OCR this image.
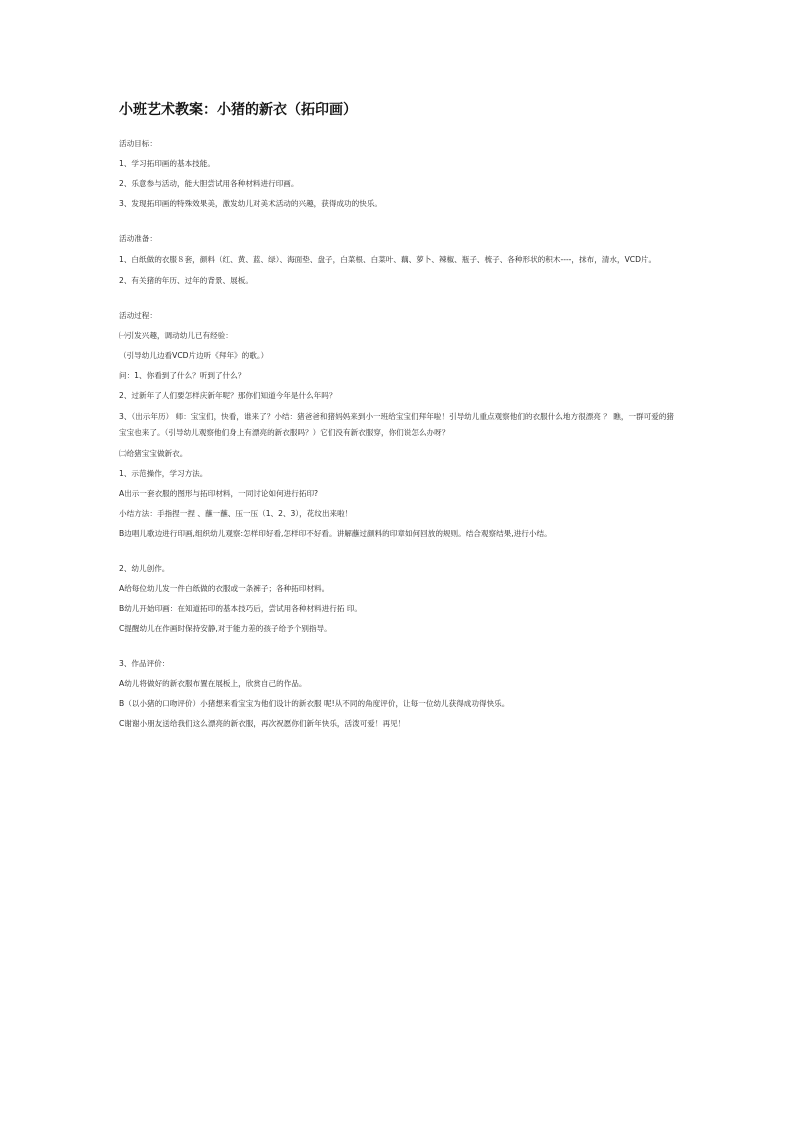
小班艺术教案：小猪的新衣（拓印画）

活动目标：

1、学习拓印画的基本技能。

2、乐意参与活动，能大胆尝试用各种材料进行印画。

3、发现拓印画的特殊效果美，激发幼儿对美术活动的兴趣，获得成功的快乐。

活动准备：

1、白纸做的衣服８套，颜料（红、黄、蓝、绿）、海面垫、盘子，白菜根、白菜叶、藕、萝卜、辣椒、瓶子、梳子、各种形状的积木----，抹布，清水，VCD片。

2、有关猪的年历、过年的背景、展板。

活动过程：

㈠引发兴趣，调动幼儿已有经验：

（引导幼儿边看VCD片边听《拜年》的歌。）

问：1、你看到了什么？听到了什么？

2、过新年了人们要怎样庆新年呢？那你们知道今年是什么年吗？

3、（出示年历） 师：宝宝们，快看，谁来了？小结：猪爸爸和猪妈妈来到小一班给宝宝们拜年啦！引导幼儿重点观察他们的衣服什么地方很漂亮 ？ 瞧，一群可爱的猪宝宝也来了。（引导幼儿观察他们身上有漂亮的新衣服吗？）它们没有新衣服穿，你们说怎么办呀？

㈡给猪宝宝做新衣。

1、示范操作，学习方法。

A出示一套衣服的图形与拓印材料，一同讨论如何进行拓印?

小结方法：手指捏一捏 、蘸一蘸、压一压（1、2、3），花纹出来啦！

B边唱儿歌边进行印画,组织幼儿观察:怎样印好看,怎样印不好看。讲解蘸过颜料的印章如何回放的规则。结合观察结果,进行小结。

2、幼儿创作。

A给每位幼儿发一件白纸做的衣服或一条裤子；各种拓印材料。

B幼儿开始印画：在知道拓印的基本技巧后，尝试用各种材料进行拓 印。

C提醒幼儿在作画时保持安静,对于能力差的孩子给予个别指导。

3、作品评价：

A幼儿将做好的新衣服布置在展板上，欣赏自己的作品。

B（以小猪的口吻评价）小猪想来看宝宝为他们设计的新衣服 呢!从不同的角度评价，让每一位幼儿获得成功得快乐。

C谢谢小朋友送给我们这么漂亮的新衣服，再次祝愿你们新年快乐，活泼可爱！再见！
